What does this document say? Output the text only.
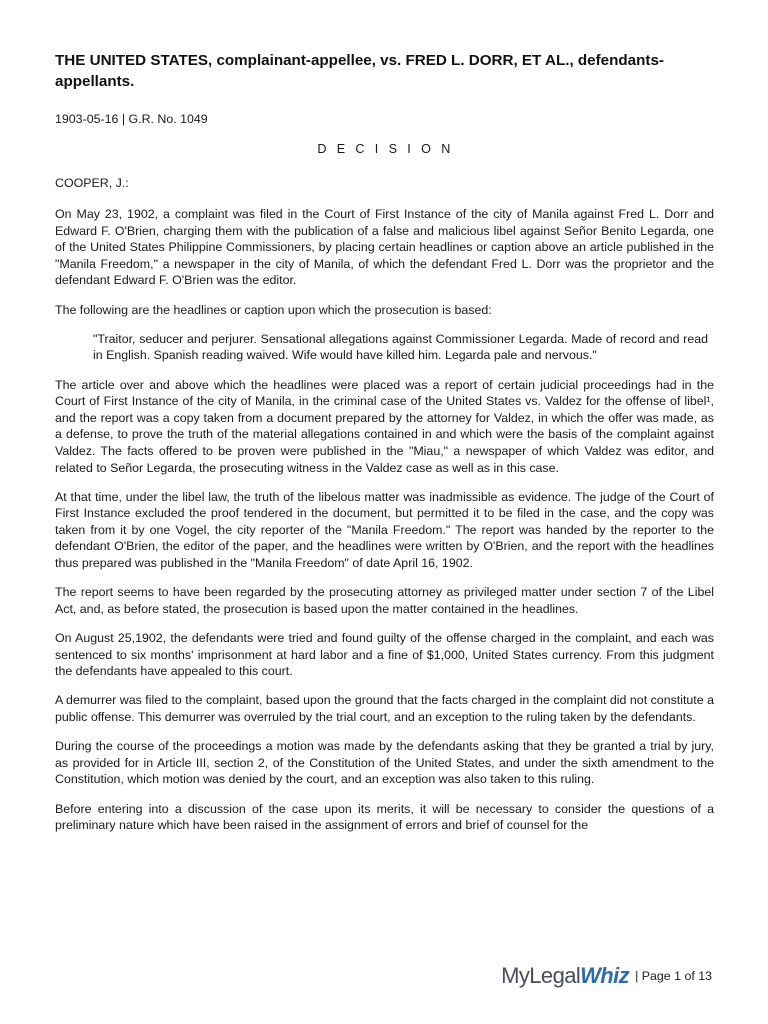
THE UNITED STATES, complainant-appellee, vs. FRED L. DORR, ET AL., defendants-appellants.
1903-05-16 | G.R. No. 1049
D E C I S I O N
COOPER, J.:

On May 23, 1902, a complaint was filed in the Court of First Instance of the city of Manila against Fred L. Dorr and Edward F. O'Brien, charging them with the publication of a false and malicious libel against Señor Benito Legarda, one of the United States Philippine Commissioners, by placing certain headlines or caption above an article published in the "Manila Freedom," a newspaper in the city of Manila, of which the defendant Fred L. Dorr was the proprietor and the defendant Edward F. O'Brien was the editor.

The following are the headlines or caption upon which the prosecution is based:

"Traitor, seducer and perjurer. Sensational allegations against Commissioner Legarda. Made of record and read in English. Spanish reading waived. Wife would have killed him. Legarda pale and nervous."

The article over and above which the headlines were placed was a report of certain judicial proceedings had in the Court of First Instance of the city of Manila, in the criminal case of the United States vs. Valdez for the offense of libel¹, and the report was a copy taken from a document prepared by the attorney for Valdez, in which the offer was made, as a defense, to prove the truth of the material allegations contained in and which were the basis of the complaint against Valdez. The facts offered to be proven were published in the "Miau," a newspaper of which Valdez was editor, and related to Señor Legarda, the prosecuting witness in the Valdez case as well as in this case.

At that time, under the libel law, the truth of the libelous matter was inadmissible as evidence. The judge of the Court of First Instance excluded the proof tendered in the document, but permitted it to be filed in the case, and the copy was taken from it by one Vogel, the city reporter of the "Manila Freedom." The report was handed by the reporter to the defendant O'Brien, the editor of the paper, and the headlines were written by O'Brien, and the report with the headlines thus prepared was published in the "Manila Freedom" of date April 16, 1902.

The report seems to have been regarded by the prosecuting attorney as privileged matter under section 7 of the Libel Act, and, as before stated, the prosecution is based upon the matter contained in the headlines.

On August 25,1902, the defendants were tried and found guilty of the offense charged in the complaint, and each was sentenced to six months' imprisonment at hard labor and a fine of $1,000, United States currency. From this judgment the defendants have appealed to this court.

A demurrer was filed to the complaint, based upon the ground that the facts charged in the complaint did not constitute a public offense. This demurrer was overruled by the trial court, and an exception to the ruling taken by the defendants.

During the course of the proceedings a motion was made by the defendants asking that they be granted a trial by jury, as provided for in Article III, section 2, of the Constitution of the United States, and under the sixth amendment to the Constitution, which motion was denied by the court, and an exception was also taken to this ruling.

Before entering into a discussion of the case upon its merits, it will be necessary to consider the questions of a preliminary nature which have been raised in the assignment of errors and brief of counsel for the

My Legal Whiz | Page 1 of 13
